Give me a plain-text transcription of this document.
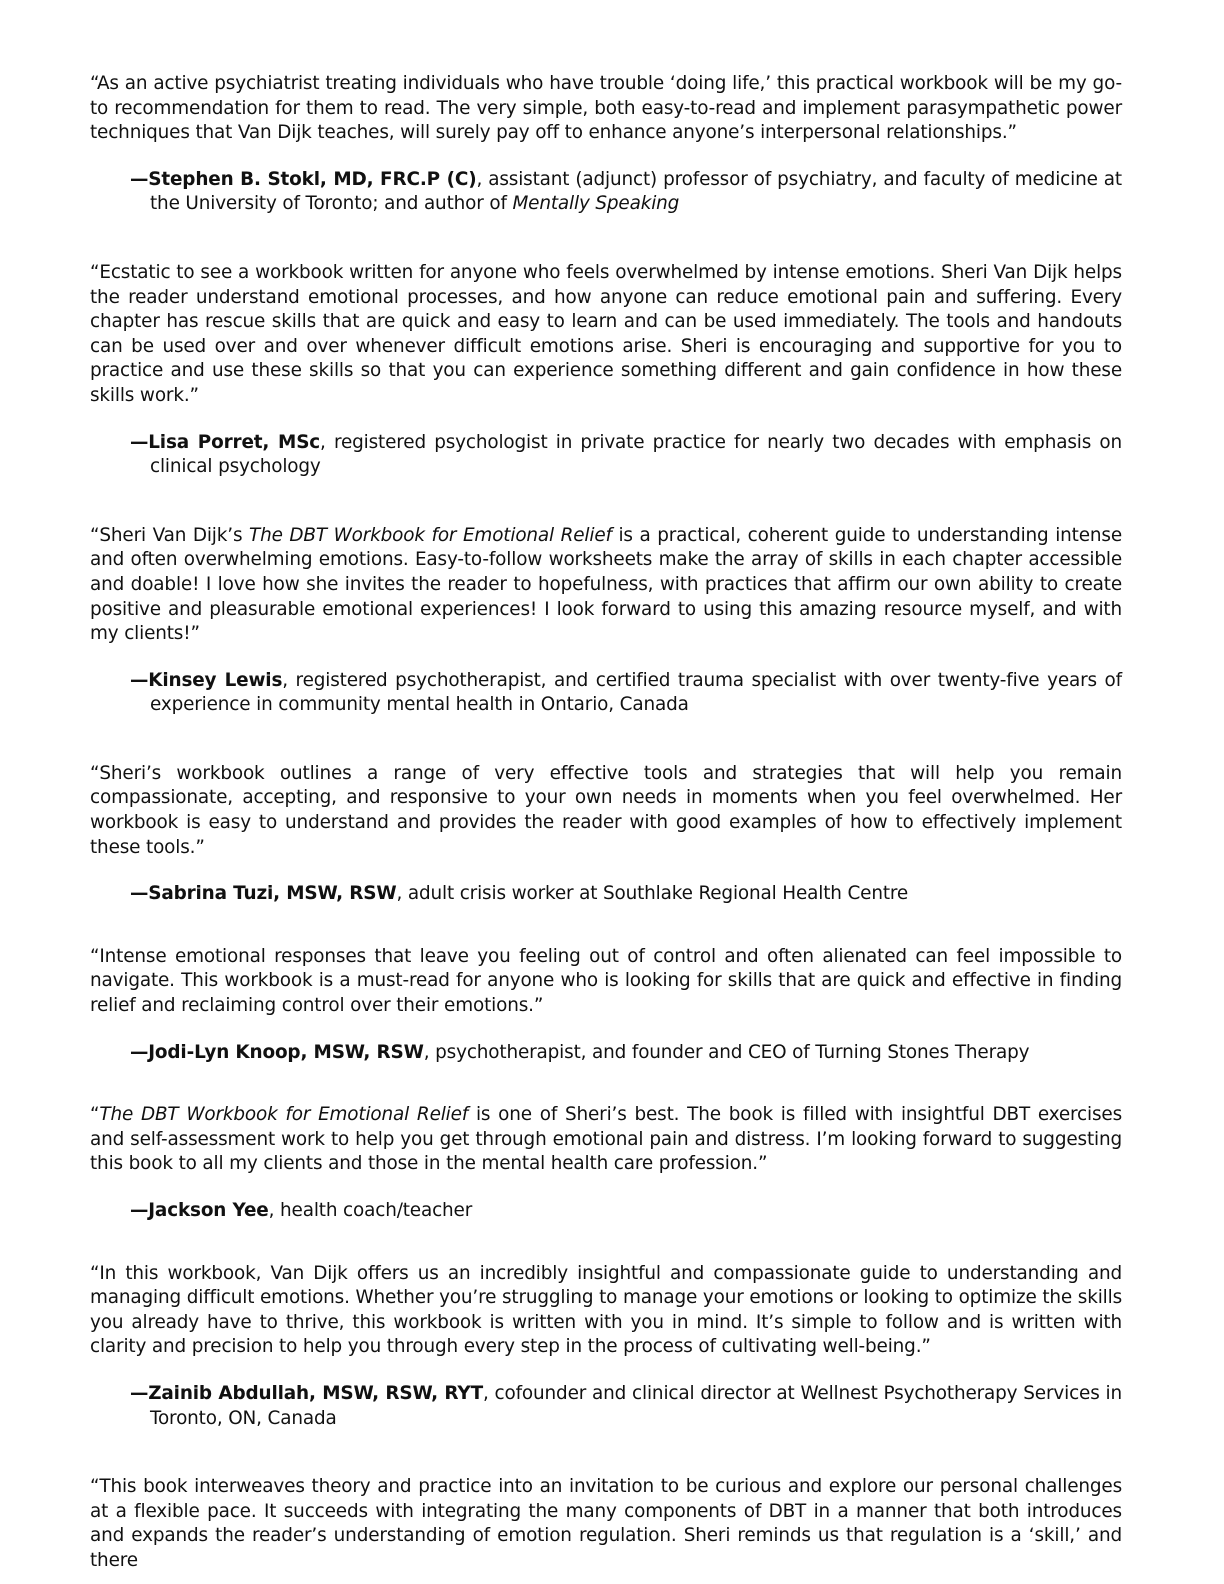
“As an active psychiatrist treating individuals who have trouble ‘doing life,’ this practical workbook will be my go-to recommendation for them to read. The very simple, both easy-to-read and implement parasympathetic power techniques that Van Dijk teaches, will surely pay off to enhance anyone’s interpersonal relationships.”

—Stephen B. Stokl, MD, FRC.P (C), assistant (adjunct) professor of psychiatry, and faculty of medicine at the University of Toronto; and author of Mentally Speaking

“Ecstatic to see a workbook written for anyone who feels overwhelmed by intense emotions. Sheri Van Dijk helps the reader understand emotional processes, and how anyone can reduce emotional pain and suffering. Every chapter has rescue skills that are quick and easy to learn and can be used immediately. The tools and handouts can be used over and over whenever difficult emotions arise. Sheri is encouraging and supportive for you to practice and use these skills so that you can experience something different and gain confidence in how these skills work.”

—Lisa Porret, MSc, registered psychologist in private practice for nearly two decades with emphasis on clinical psychology

“Sheri Van Dijk’s The DBT Workbook for Emotional Relief is a practical, coherent guide to understanding intense and often overwhelming emotions. Easy-to-follow worksheets make the array of skills in each chapter accessible and doable! I love how she invites the reader to hopefulness, with practices that affirm our own ability to create positive and pleasurable emotional experiences! I look forward to using this amazing resource myself, and with my clients!”

—Kinsey Lewis, registered psychotherapist, and certified trauma specialist with over twenty-five years of experience in community mental health in Ontario, Canada

“Sheri’s workbook outlines a range of very effective tools and strategies that will help you remain compassionate, accepting, and responsive to your own needs in moments when you feel overwhelmed. Her workbook is easy to understand and provides the reader with good examples of how to effectively implement these tools.”

—Sabrina Tuzi, MSW, RSW, adult crisis worker at Southlake Regional Health Centre

“Intense emotional responses that leave you feeling out of control and often alienated can feel impossible to navigate. This workbook is a must-read for anyone who is looking for skills that are quick and effective in finding relief and reclaiming control over their emotions.”

—Jodi-Lyn Knoop, MSW, RSW, psychotherapist, and founder and CEO of Turning Stones Therapy

“The DBT Workbook for Emotional Relief is one of Sheri’s best. The book is filled with insightful DBT exercises and self-assessment work to help you get through emotional pain and distress. I’m looking forward to suggesting this book to all my clients and those in the mental health care profession.”

—Jackson Yee, health coach/teacher

“In this workbook, Van Dijk offers us an incredibly insightful and compassionate guide to understanding and managing difficult emotions. Whether you’re struggling to manage your emotions or looking to optimize the skills you already have to thrive, this workbook is written with you in mind. It’s simple to follow and is written with clarity and precision to help you through every step in the process of cultivating well-being.”

—Zainib Abdullah, MSW, RSW, RYT, cofounder and clinical director at Wellnest Psychotherapy Services in Toronto, ON, Canada

“This book interweaves theory and practice into an invitation to be curious and explore our personal challenges at a flexible pace. It succeeds with integrating the many components of DBT in a manner that both introduces and expands the reader’s understanding of emotion regulation. Sheri reminds us that regulation is a ‘skill,’ and there
